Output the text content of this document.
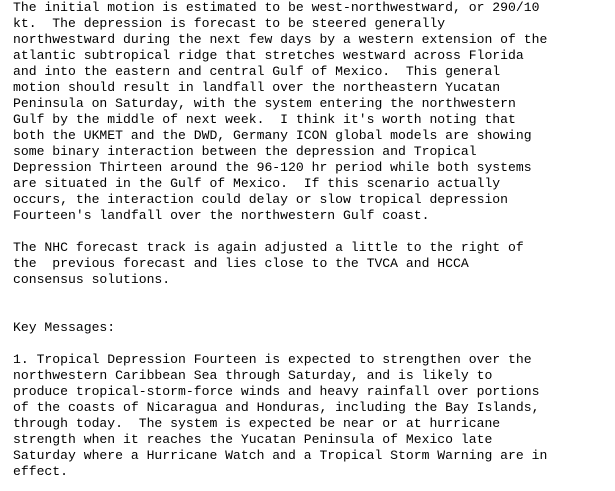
The initial motion is estimated to be west-northwestward, or 290/10
kt.  The depression is forecast to be steered generally
northwestward during the next few days by a western extension of the
atlantic subtropical ridge that stretches westward across Florida
and into the eastern and central Gulf of Mexico.  This general
motion should result in landfall over the northeastern Yucatan
Peninsula on Saturday, with the system entering the northwestern
Gulf by the middle of next week.  I think it's worth noting that
both the UKMET and the DWD, Germany ICON global models are showing
some binary interaction between the depression and Tropical
Depression Thirteen around the 96-120 hr period while both systems
are situated in the Gulf of Mexico.  If this scenario actually
occurs, the interaction could delay or slow tropical depression
Fourteen's landfall over the northwestern Gulf coast.
The NHC forecast track is again adjusted a little to the right of
the  previous forecast and lies close to the TVCA and HCCA
consensus solutions.
Key Messages:
1. Tropical Depression Fourteen is expected to strengthen over the
northwestern Caribbean Sea through Saturday, and is likely to
produce tropical-storm-force winds and heavy rainfall over portions
of the coasts of Nicaragua and Honduras, including the Bay Islands,
through today.  The system is expected be near or at hurricane
strength when it reaches the Yucatan Peninsula of Mexico late
Saturday where a Hurricane Watch and a Tropical Storm Warning are in
effect.
